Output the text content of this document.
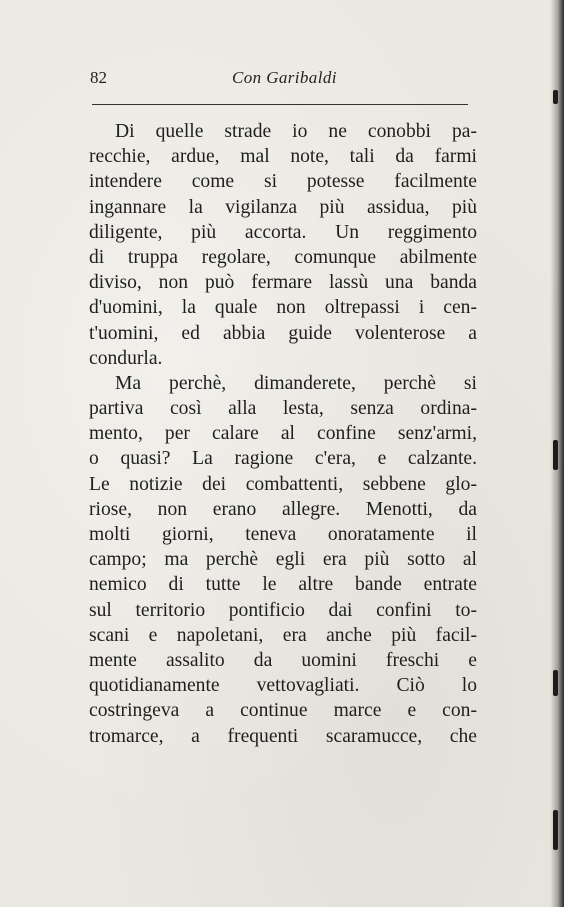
82	Con Garibaldi
Di quelle strade io ne conobbi pa-
recchie, ardue, mal note, tali da farmi
intendere come si potesse facilmente
ingannare la vigilanza più assidua, più
diligente, più accorta. Un reggimento
di truppa regolare, comunque abilmente
diviso, non può fermare lassù una banda
d'uomini, la quale non oltrepassi i cen-
t'uomini, ed abbia guide volenterose a
condurla.
Ma perchè, dimanderete, perchè si
partiva così alla lesta, senza ordina-
mento, per calare al confine senz'armi,
o quasi? La ragione c'era, e calzante.
Le notizie dei combattenti, sebbene glo-
riose, non erano allegre. Menotti, da
molti giorni, teneva onoratamente il
campo; ma perchè egli era più sotto al
nemico di tutte le altre bande entrate
sul territorio pontificio dai confini to-
scani e napoletani, era anche più facil-
mente assalito da uomini freschi e
quotidianamente vettovagliati. Ciò lo
costringeva a continue marce e con-
tromarce, a frequenti scaramucce, che
